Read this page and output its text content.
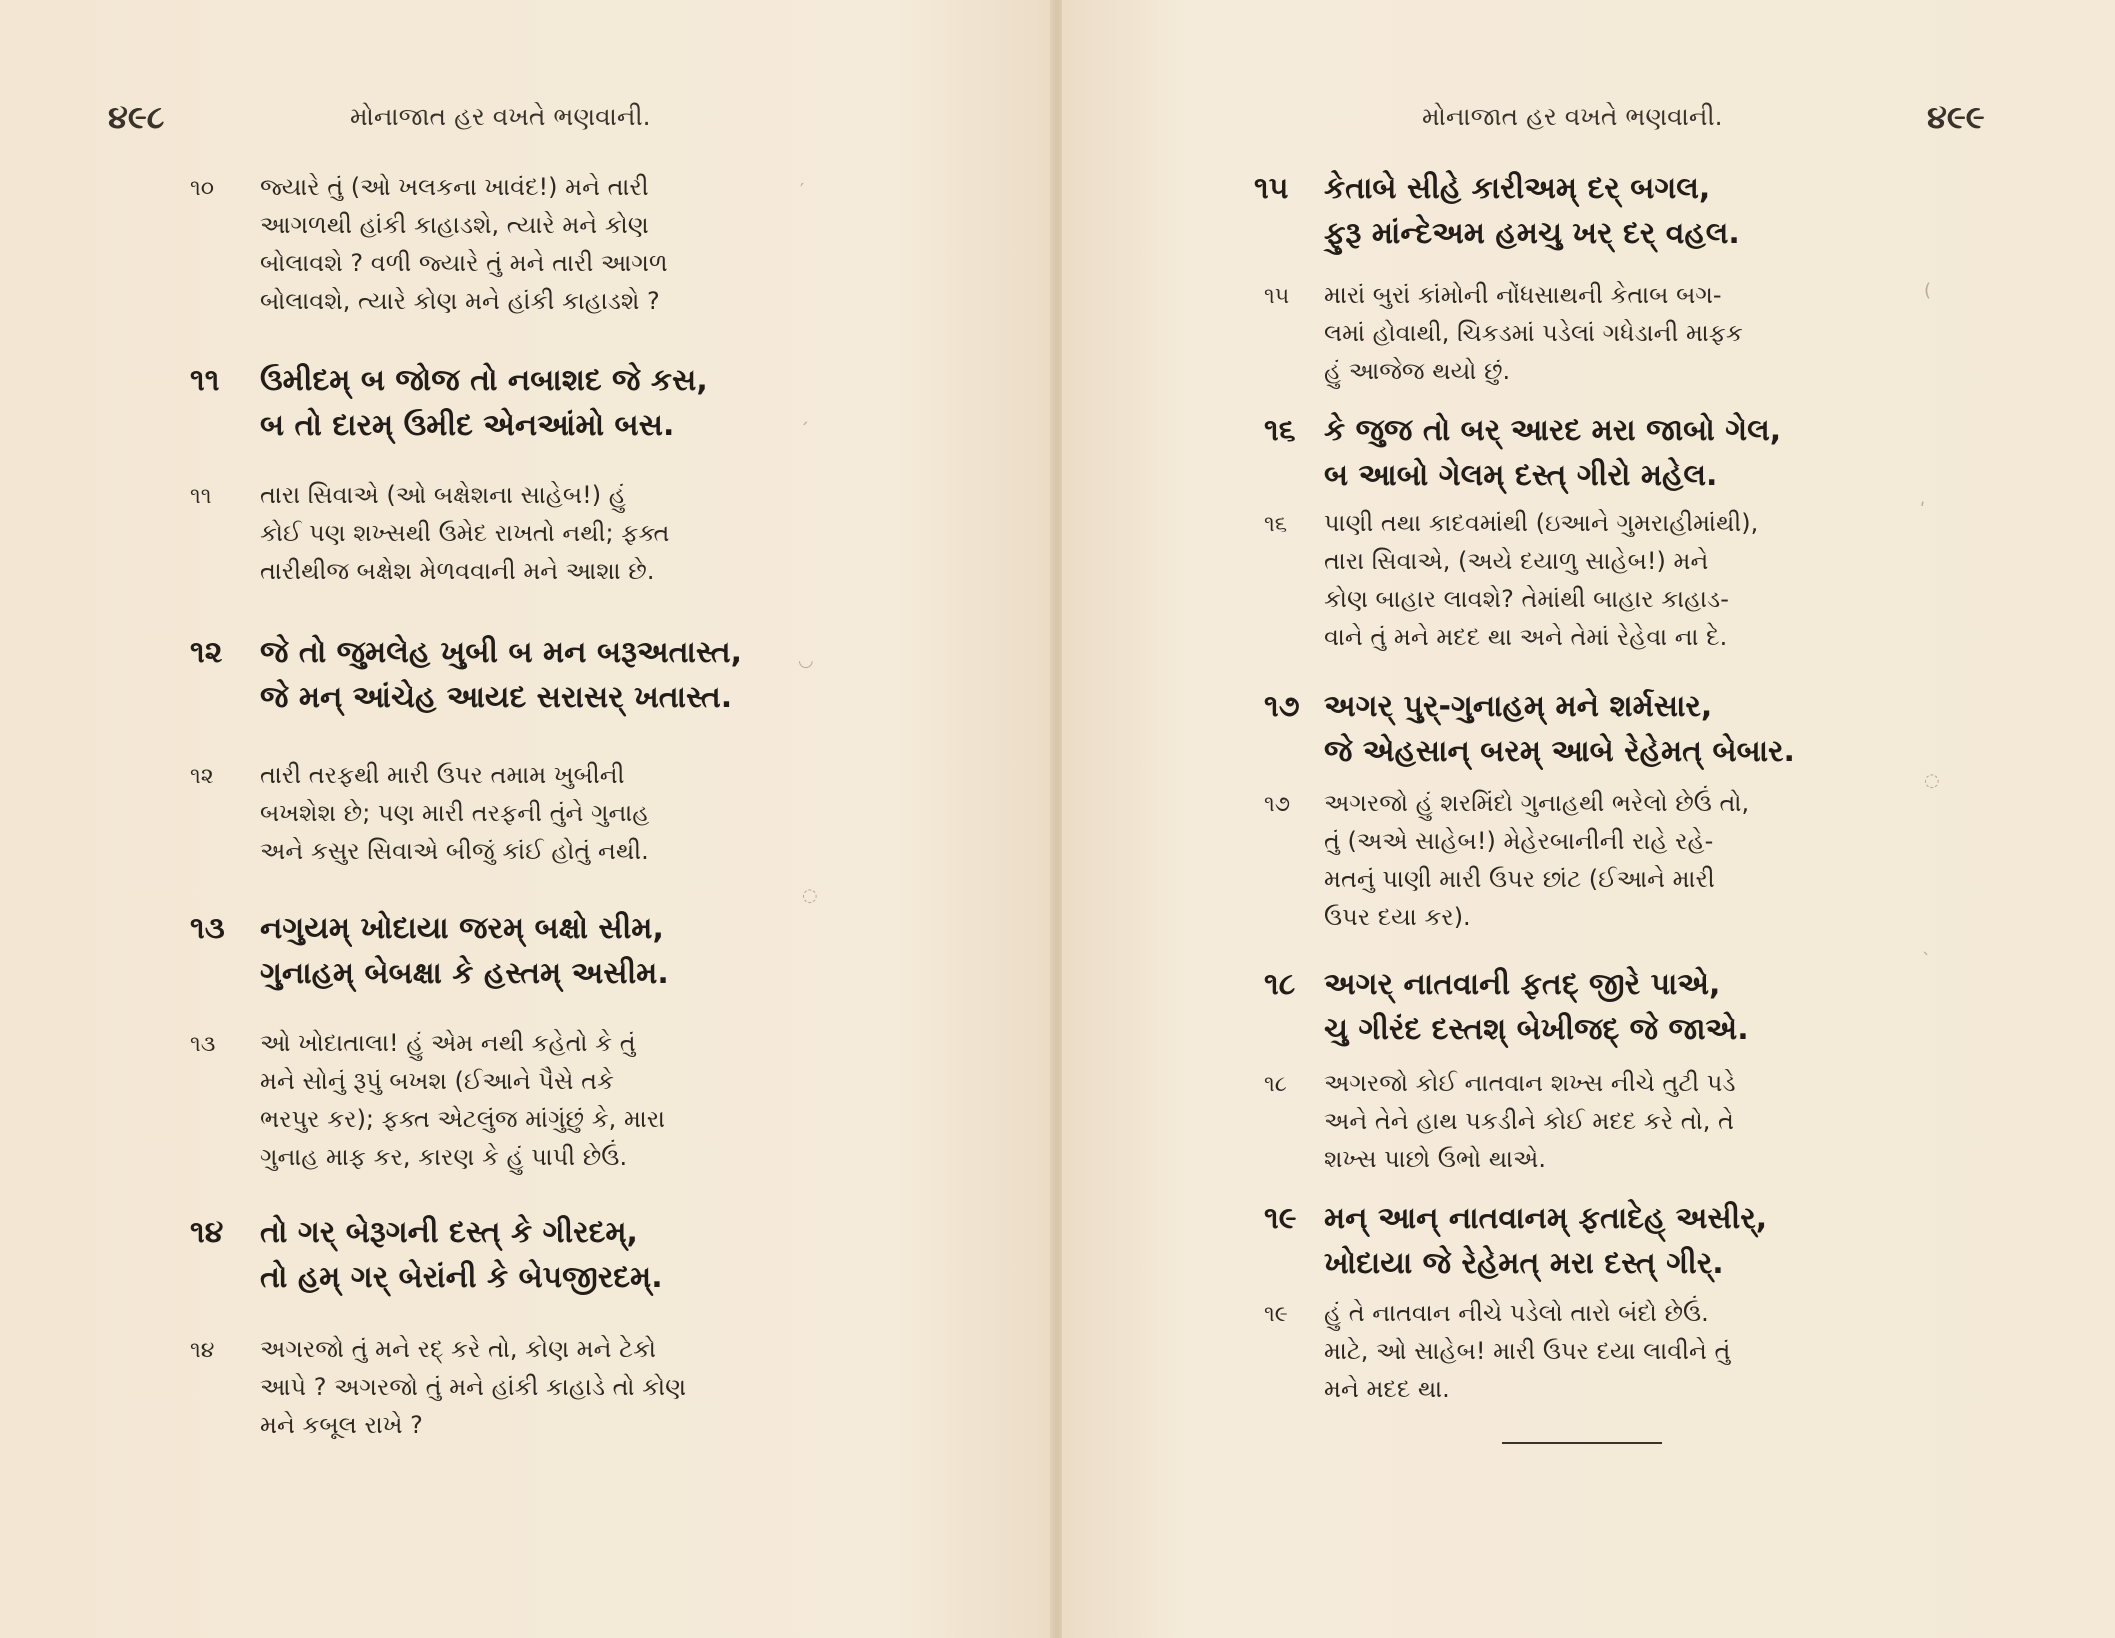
૪૯૮	મોનાજાત હર વખતે ભણવાની.
૧૦ જ્યારે તું (ઓ ખલકના ખાવંદ!) મને તારી
આગળથી હાંકી કાહાડશે, ત્યારે મને કોણ
બોલાવશે ? વળી જ્યારે તું મને તારી આગળ
બોલાવશે, ત્યારે કોણ મને હાંકી કાહાડશે ?
૧૧ ઉમીદમ્ બ જોજ તો નબાશદ જે કસ,
બ તો દારમ્ ઉમીદ એનઆંમો બસ.
૧૧ તારા સિવાએ (ઓ બક્ષેશના સાહેબ!) હું
કોઈ પણ શખ્સથી ઉમેદ રાખતો નથી; ફક્ત
તારીથીજ બક્ષેશ મેળવવાની મને આશા છે.
૧૨ જે તો જુમલેહ ખુબી બ મન બરૂઅતાસ્ત,
જે મન્ આંચેહ આયદ સરાસર્ ખતાસ્ત.
૧૨ તારી તરફથી મારી ઉપર તમામ ખુબીની
બખશેશ છે; પણ મારી તરફની તુંને ગુનાહ
અને કસુર સિવાએ બીજું કાંઈ હોતું નથી.
૧૩ નગુયમ્ ખોદાયા જરમ્ બક્ષો સીમ,
ગુનાહમ્ બેબક્ષા કે હસ્તમ્ અસીમ.
૧૩ ઓ ખોદાતાલા! હું એમ નથી કહેતો કે તું
મને સોનું રૂપું બખશ (ઈઆને પૈસે તકે
ભરપુર કર); ફક્ત એટલુંજ માંગુંછું કે, મારા
ગુનાહ માફ કર, કારણ કે હું પાપી છેઉં.
૧૪ તો ગર્ બેરૂગની દસ્ત્ કે ગીરદમ્,
તો હમ્ ગર્ બેરાંની કે બેપજીરદમ્.
૧૪ અગરજો તું મને રદ્ કરે તો, કોણ મને ટેકો
આપે ? અગરજો તું મને હાંકી કાહાડે તો કોણ
મને કબૂલ રાખે ?
′
´
◡
◌
મોનાજાત હર વખતે ભણવાની.	૪૯૯
૧૫ કેતાબે સીહે કારીઅમ્ દર્ બગલ,
ફુરૂ માંન્દેઅમ હમચુ ખર્ દર્ વહલ.
૧૫ મારાં બુરાં કાંમોની નોંધસાથની કેતાબ બગ-
લમાં હોવાથી, ચિકડમાં પડેલાં ગધેડાની માફક
હું આજેજ થયો છું.
૧૬ કે જુજ તો બર્ આરદ મરા જાબો ગેલ,
બ આબો ગેલમ્ દસ્ત્ ગીરો મહેલ.
૧૬ પાણી તથા કાદવમાંથી (ઇઆને ગુમરાહીમાંથી),
તારા સિવાએ, (અયે દયાળુ સાહેબ!) મને
કોણ બાહાર લાવશે? તેમાંથી બાહાર કાહાડ-
વાને તું મને મદદ થા અને તેમાં રેહેવા ના દે.
૧૭ અગર્ પુર્-ગુનાહમ્ મને શર્મસાર,
જે એહસાન્ બરમ્ આબે રેહેમત્ બેબાર.
૧૭ અગરજો હું શરમિંદો ગુનાહથી ભરેલો છેઉં તો,
તું (અએ સાહેબ!) મેહેરબાનીની રાહે રહે-
મતનું પાણી મારી ઉપર છાંટ (ઈઆને મારી
ઉપર દયા કર).
૧૮ અગર્ નાતવાની ફતદ્ જીરે પાએ,
ચુ ગીરંદ દસ્તશ્ બેખીજદ્ જે જાએ.
૧૮ અગરજો કોઈ નાતવાન શખ્સ નીચે તુટી પડે
અને તેને હાથ પકડીને કોઈ મદદ કરે તો, તે
શખ્સ પાછો ઉભો થાએ.
૧૯ મન્ આન્ નાતવાનમ્ ફતાદેહ્ અસીર્,
ખોદાયા જે રેહેમત્ મરા દસ્ત્ ગીર્.
૧૯ હું તે નાતવાન નીચે પડેલો તારો બંદો છેઉં.
માટે, ઓ સાહેબ! મારી ઉપર દયા લાવીને તું
મને મદદ થા.
(
ʹ
◌
ˋ
